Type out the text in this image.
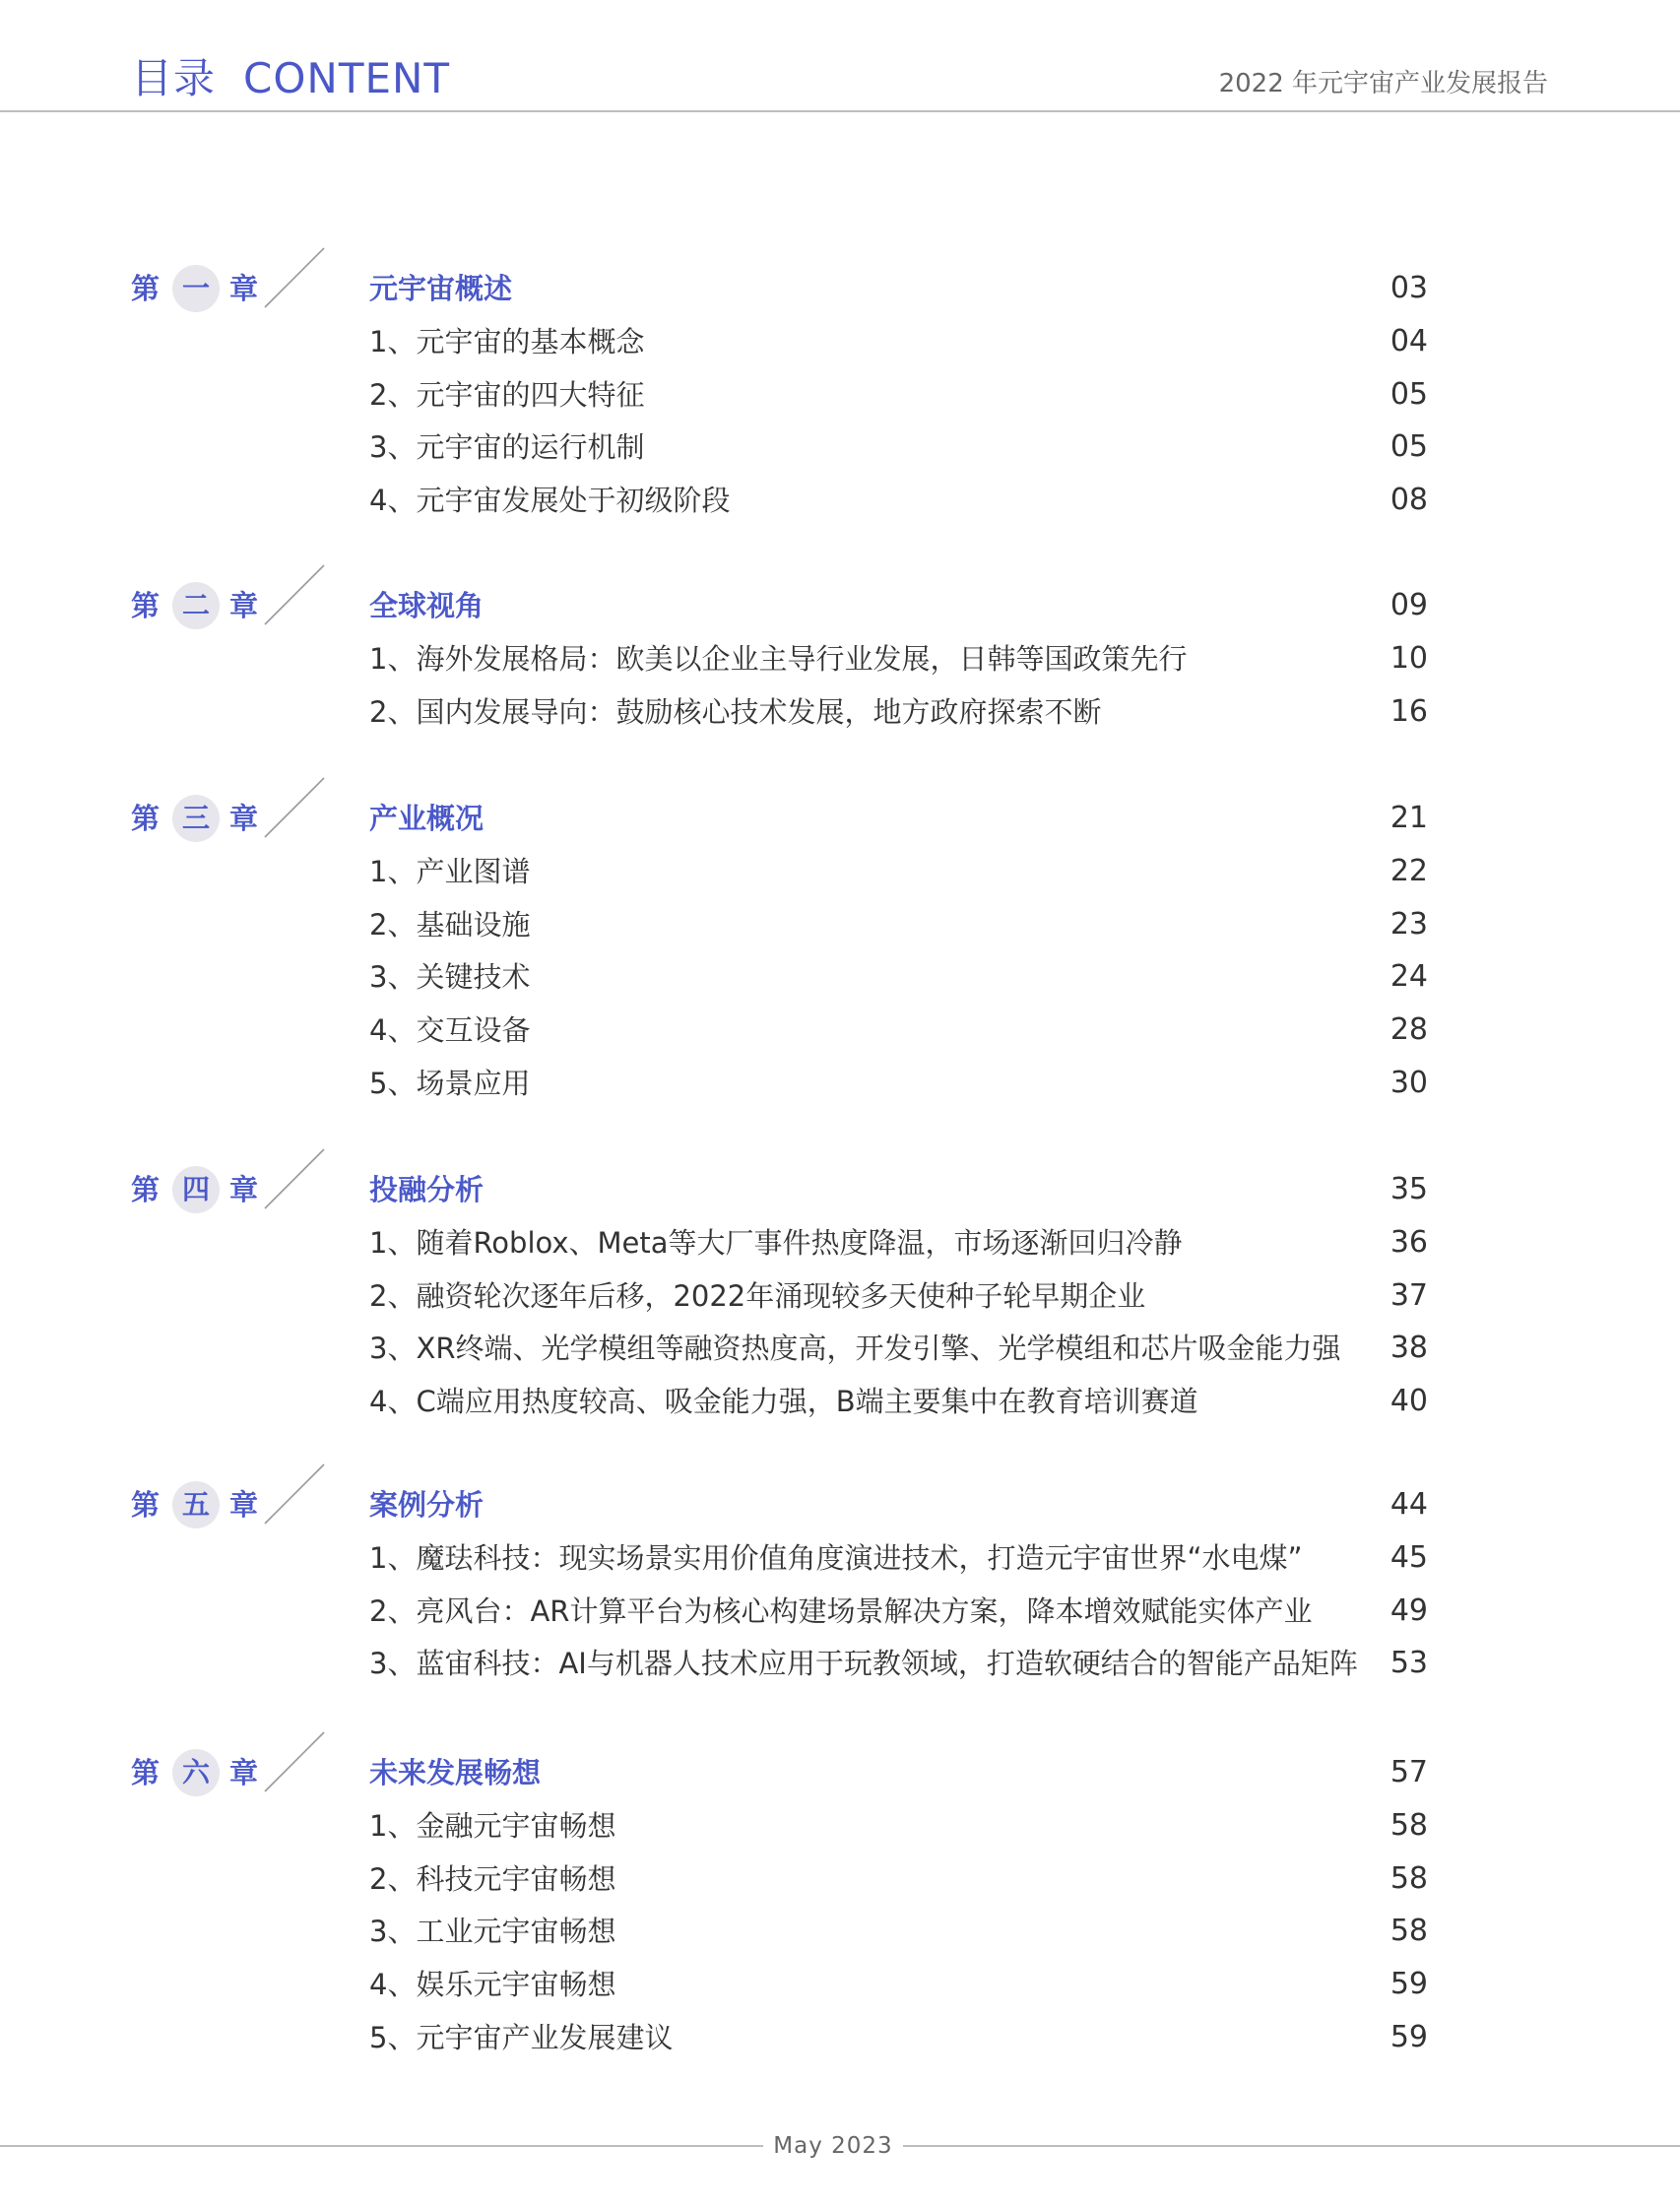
目录 CONTENT	2022 年元宇宙产业发展报告
第 一 章	元宇宙概述	03
1、元宇宙的基本概念	04
2、元宇宙的四大特征	05
3、元宇宙的运行机制	05
4、元宇宙发展处于初级阶段	08
第 二 章	全球视角	09
1、海外发展格局：欧美以企业主导行业发展，日韩等国政策先行	10
2、国内发展导向：鼓励核心技术发展，地方政府探索不断	16
第 三 章	产业概况	21
1、产业图谱	22
2、基础设施	23
3、关键技术	24
4、交互设备	28
5、场景应用	30
第 四 章	投融分析	35
1、随着Roblox、Meta等大厂事件热度降温，市场逐渐回归冷静	36
2、融资轮次逐年后移，2022年涌现较多天使种子轮早期企业	37
3、XR终端、光学模组等融资热度高，开发引擎、光学模组和芯片吸金能力强	38
4、C端应用热度较高、吸金能力强，B端主要集中在教育培训赛道	40
第 五 章	案例分析	44
1、魔珐科技：现实场景实用价值角度演进技术，打造元宇宙世界“水电煤”	45
2、亮风台：AR计算平台为核心构建场景解决方案，降本增效赋能实体产业	49
3、蓝宙科技：AI与机器人技术应用于玩教领域，打造软硬结合的智能产品矩阵	53
第 六 章	未来发展畅想	57
1、金融元宇宙畅想	58
2、科技元宇宙畅想	58
3、工业元宇宙畅想	58
4、娱乐元宇宙畅想	59
5、元宇宙产业发展建议	59
May 2023
